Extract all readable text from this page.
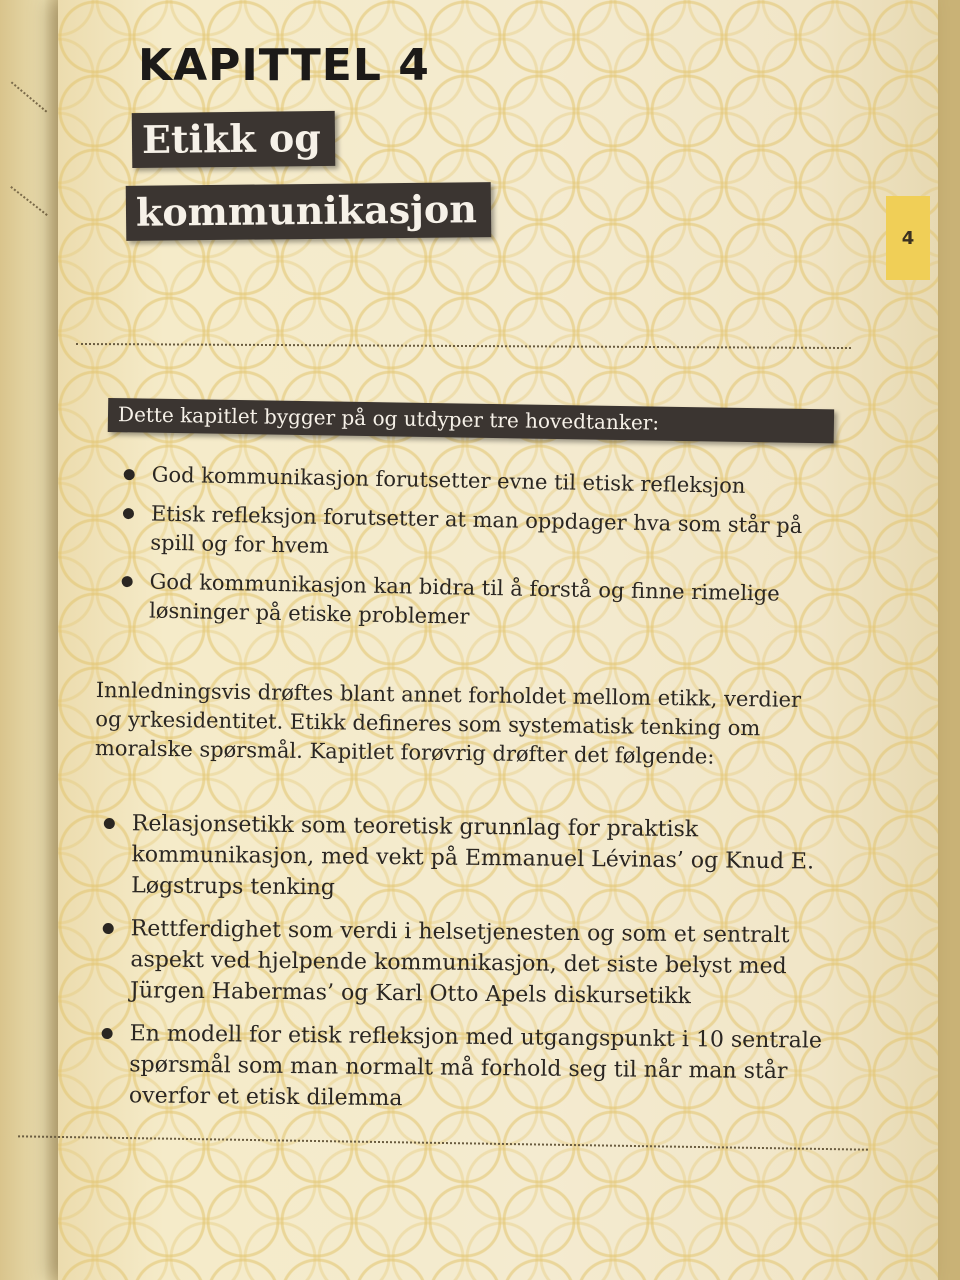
KAPITTEL 4
Etikk og
kommunikasjon
4
Dette kapitlet bygger på og utdyper tre hovedtanker:
God kommunikasjon forutsetter evne til etisk refleksjon
Etisk refleksjon forutsetter at man oppdager hva som står på spill og for hvem
God kommunikasjon kan bidra til å forstå og finne rimelige løsninger på etiske problemer

Innledningsvis drøftes blant annet forholdet mellom etikk, verdier og yrkesidentitet. Etikk defineres som systematisk tenking om moralske spørsmål. Kapitlet forøvrig drøfter det følgende:

Relasjonsetikk som teoretisk grunnlag for praktisk kommunikasjon, med vekt på Emmanuel Lévinas’ og Knud E. Løgstrups tenking
Rettferdighet som verdi i helsetjenesten og som et sentralt aspekt ved hjelpende kommunikasjon, det siste belyst med Jürgen Habermas’ og Karl Otto Apels diskursetikk
En modell for etisk refleksjon med utgangspunkt i 10 sentrale spørsmål som man normalt må forhold seg til når man står overfor et etisk dilemma
